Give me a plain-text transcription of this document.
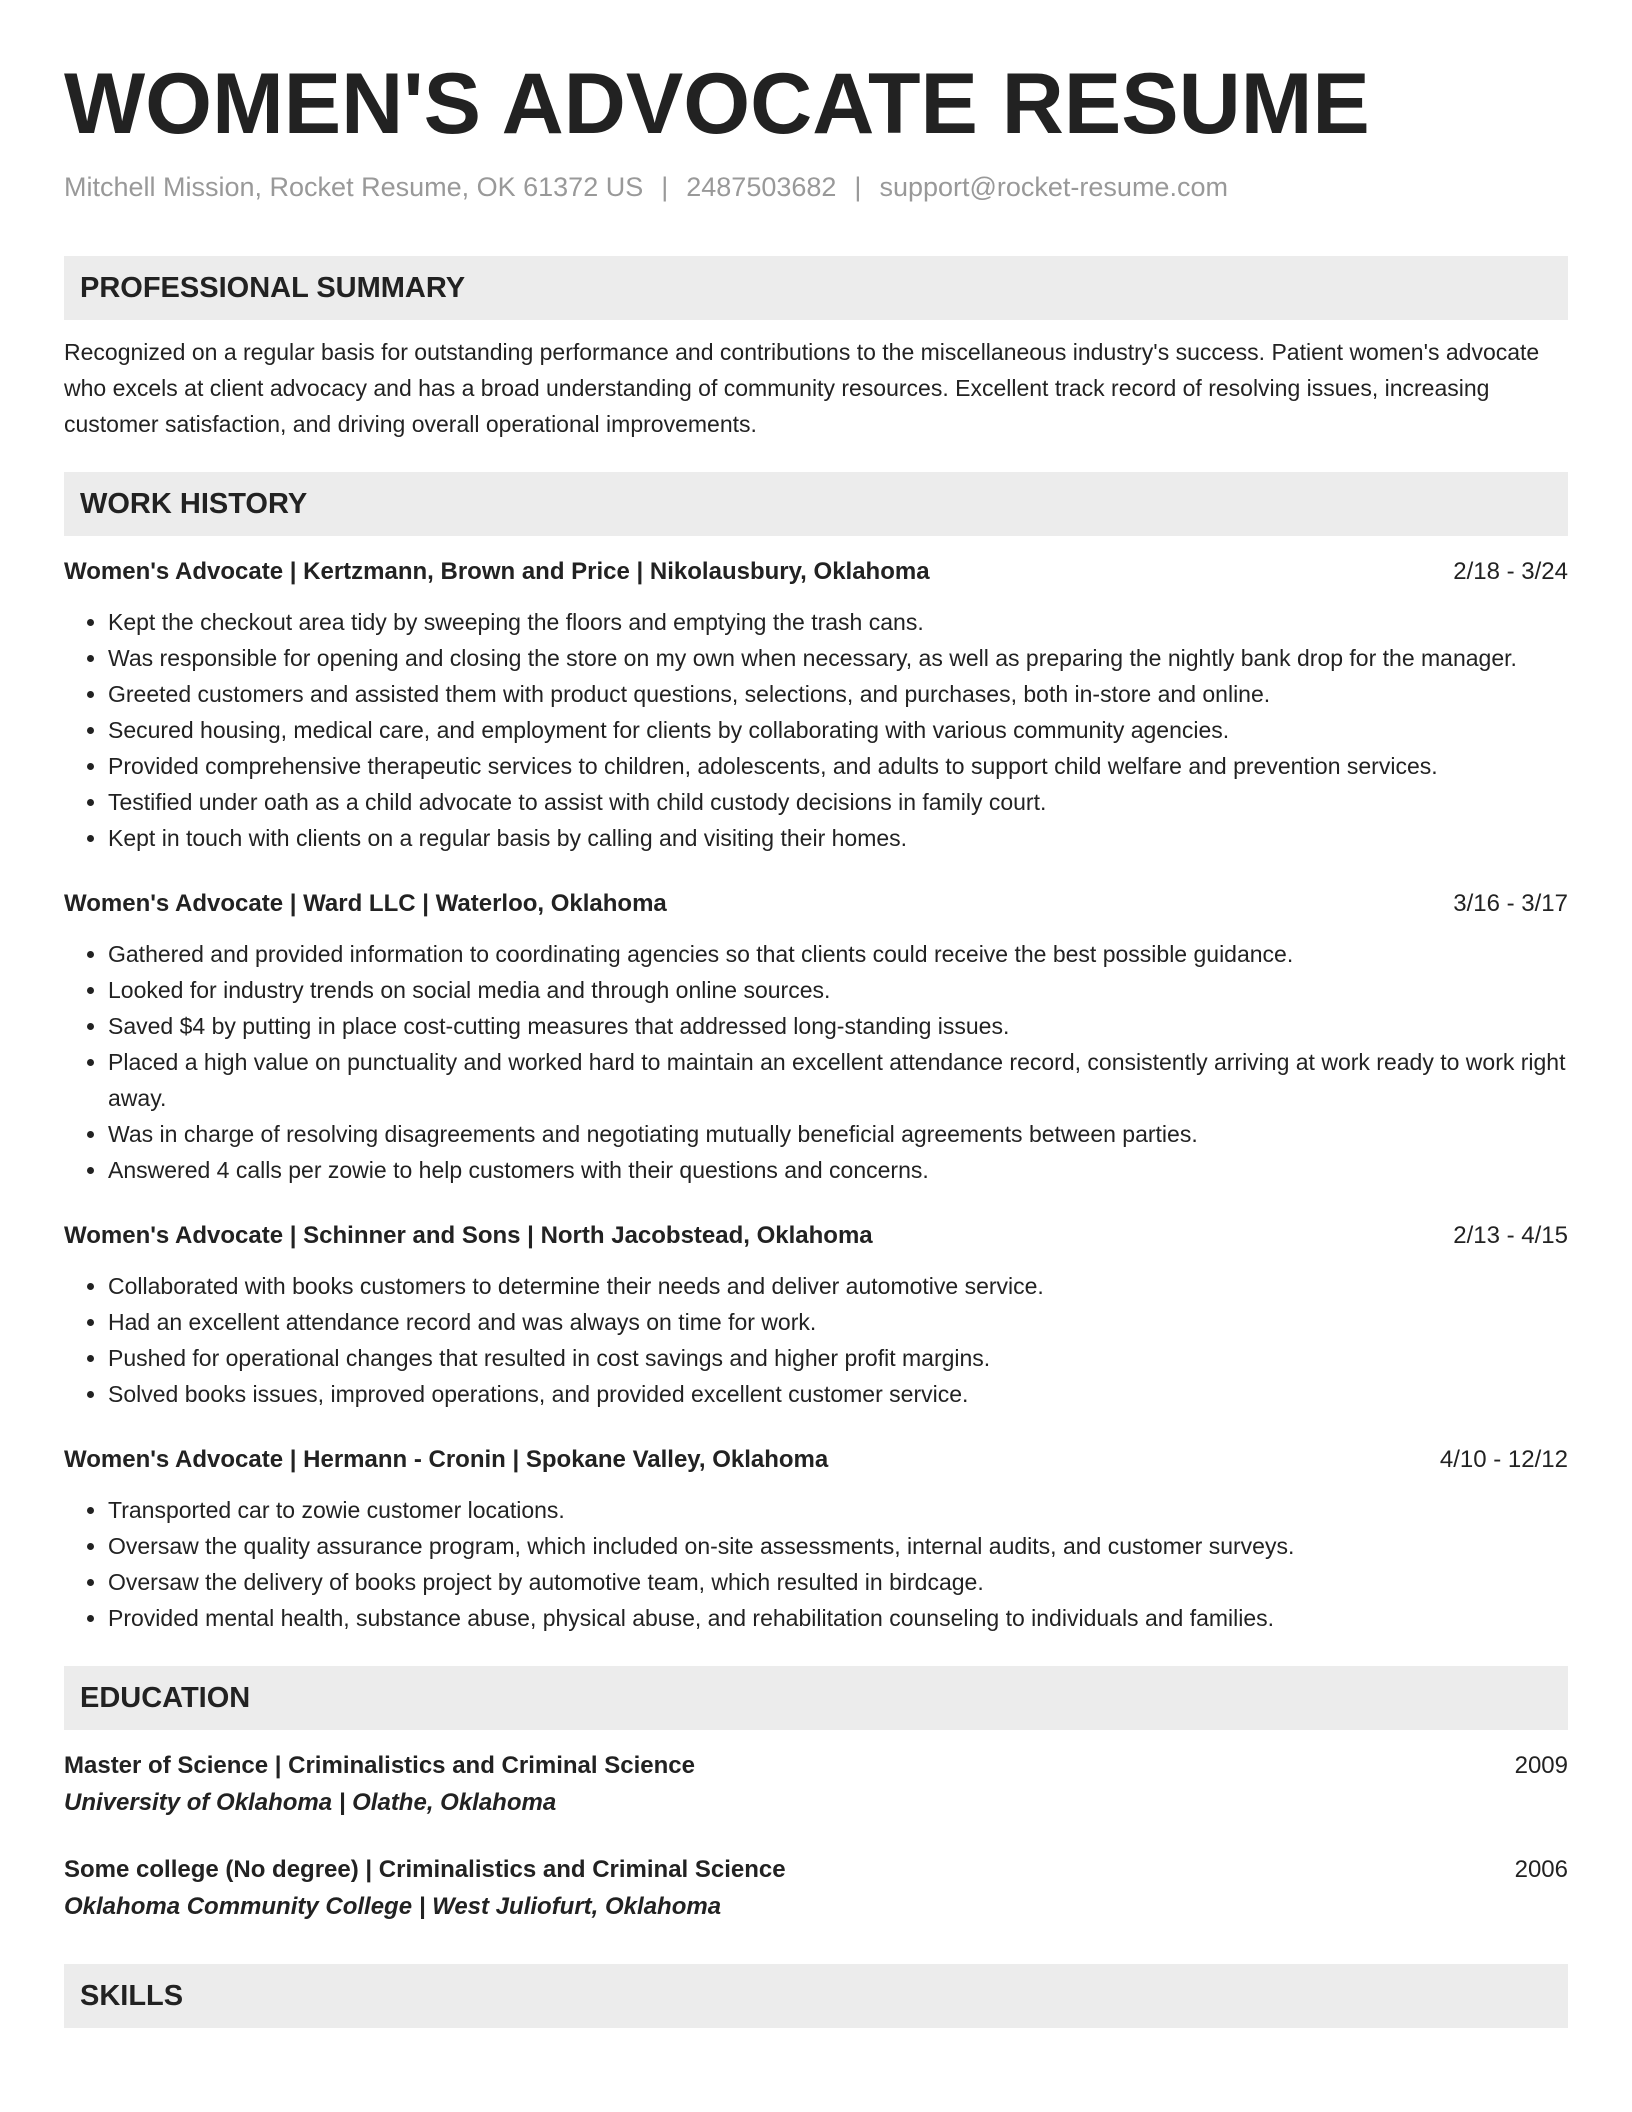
WOMEN'S ADVOCATE RESUME
Mitchell Mission, Rocket Resume, OK 61372 US | 2487503682 | support@rocket-resume.com
PROFESSIONAL SUMMARY
Recognized on a regular basis for outstanding performance and contributions to the miscellaneous industry's success. Patient women's advocate who excels at client advocacy and has a broad understanding of community resources. Excellent track record of resolving issues, increasing customer satisfaction, and driving overall operational improvements.
WORK HISTORY
Women's Advocate | Kertzmann, Brown and Price | Nikolausbury, Oklahoma	2/18 - 3/24
• Kept the checkout area tidy by sweeping the floors and emptying the trash cans.
• Was responsible for opening and closing the store on my own when necessary, as well as preparing the nightly bank drop for the manager.
• Greeted customers and assisted them with product questions, selections, and purchases, both in-store and online.
• Secured housing, medical care, and employment for clients by collaborating with various community agencies.
• Provided comprehensive therapeutic services to children, adolescents, and adults to support child welfare and prevention services.
• Testified under oath as a child advocate to assist with child custody decisions in family court.
• Kept in touch with clients on a regular basis by calling and visiting their homes.
Women's Advocate | Ward LLC | Waterloo, Oklahoma	3/16 - 3/17
• Gathered and provided information to coordinating agencies so that clients could receive the best possible guidance.
• Looked for industry trends on social media and through online sources.
• Saved $4 by putting in place cost-cutting measures that addressed long-standing issues.
• Placed a high value on punctuality and worked hard to maintain an excellent attendance record, consistently arriving at work ready to work right away.
• Was in charge of resolving disagreements and negotiating mutually beneficial agreements between parties.
• Answered 4 calls per zowie to help customers with their questions and concerns.
Women's Advocate | Schinner and Sons | North Jacobstead, Oklahoma	2/13 - 4/15
• Collaborated with books customers to determine their needs and deliver automotive service.
• Had an excellent attendance record and was always on time for work.
• Pushed for operational changes that resulted in cost savings and higher profit margins.
• Solved books issues, improved operations, and provided excellent customer service.
Women's Advocate | Hermann - Cronin | Spokane Valley, Oklahoma	4/10 - 12/12
• Transported car to zowie customer locations.
• Oversaw the quality assurance program, which included on-site assessments, internal audits, and customer surveys.
• Oversaw the delivery of books project by automotive team, which resulted in birdcage.
• Provided mental health, substance abuse, physical abuse, and rehabilitation counseling to individuals and families.
EDUCATION
Master of Science | Criminalistics and Criminal Science	2009
University of Oklahoma | Olathe, Oklahoma
Some college (No degree) | Criminalistics and Criminal Science	2006
Oklahoma Community College | West Juliofurt, Oklahoma
SKILLS
